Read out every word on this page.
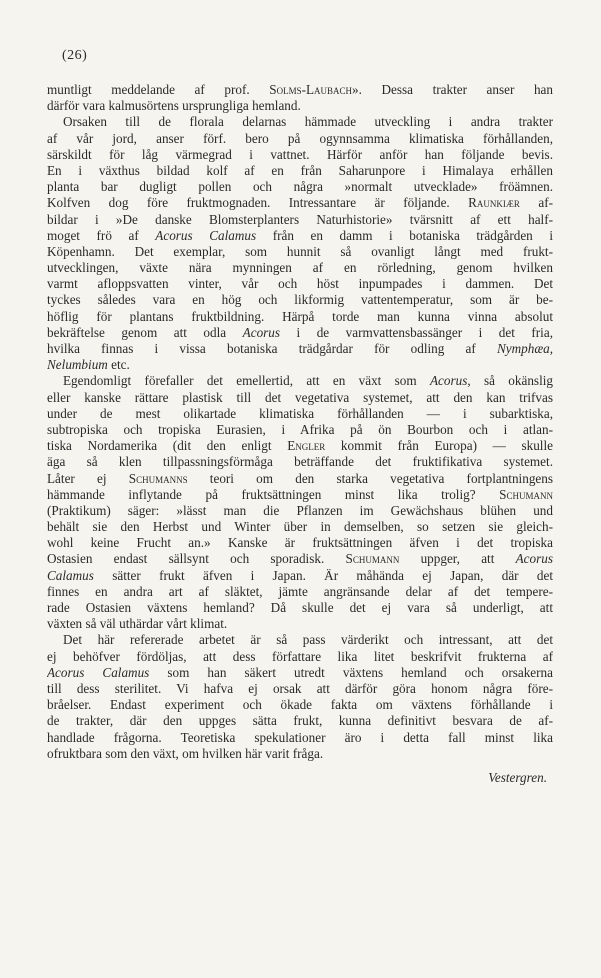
(26)
muntligt meddelande af prof. Solms-Laubach». Dessa trakter anser han
därför vara kalmusörtens ursprungliga hemland.
Orsaken till de florala delarnas hämmade utveckling i andra trakter
af vår jord, anser förf. bero på ogynnsamma klimatiska förhållanden,
särskildt för låg värmegrad i vattnet. Härför anför han följande bevis.
En i växthus bildad kolf af en från Saharunpore i Himalaya erhållen
planta bar dugligt pollen och några »normalt utvecklade» fröämnen.
Kolfven dog före fruktmognaden. Intressantare är följande. Raunkiær af-
bildar i »De danske Blomsterplanters Naturhistorie» tvärsnitt af ett half-
moget frö af Acorus Calamus från en damm i botaniska trädgården i
Köpenhamn. Det exemplar, som hunnit så ovanligt långt med frukt-
utvecklingen, växte nära mynningen af en rörledning, genom hvilken
varmt afloppsvatten vinter, vår och höst inpumpades i dammen. Det
tyckes således vara en hög och likformig vattentemperatur, som är be-
höflig för plantans fruktbildning. Härpå torde man kunna vinna absolut
bekräftelse genom att odla Acorus i de varmvattensbassänger i det fria,
hvilka finnas i vissa botaniska trädgårdar för odling af Nymphæa,
Nelumbium etc.
Egendomligt förefaller det emellertid, att en växt som Acorus, så okänslig
eller kanske rättare plastisk till det vegetativa systemet, att den kan trifvas
under de mest olikartade klimatiska förhållanden — i subarktiska,
subtropiska och tropiska Eurasien, i Afrika på ön Bourbon och i atlan-
tiska Nordamerika (dit den enligt Engler kommit från Europa) — skulle
äga så klen tillpassningsförmåga beträffande det fruktifikativa systemet.
Låter ej Schumanns teori om den starka vegetativa fortplantningens
hämmande inflytande på fruktsättningen minst lika trolig? Schumann
(Praktikum) säger: »lässt man die Pflanzen im Gewächshaus blühen und
behält sie den Herbst und Winter über in demselben, so setzen sie gleich-
wohl keine Frucht an.» Kanske är fruktsättningen äfven i det tropiska
Ostasien endast sällsynt och sporadisk. Schumann uppger, att Acorus
Calamus sätter frukt äfven i Japan. Är måhända ej Japan, där det
finnes en andra art af släktet, jämte angränsande delar af det tempere-
rade Ostasien växtens hemland? Då skulle det ej vara så underligt, att
växten så väl uthärdar vårt klimat.
Det här refererade arbetet är så pass värderikt och intressant, att det
ej behöfver fördöljas, att dess författare lika litet beskrifvit frukterna af
Acorus Calamus som han säkert utredt växtens hemland och orsakerna
till dess sterilitet. Vi hafva ej orsak att därför göra honom några före-
bråelser. Endast experiment och ökade fakta om växtens förhållande i
de trakter, där den uppges sätta frukt, kunna definitivt besvara de af-
handlade frågorna. Teoretiska spekulationer äro i detta fall minst lika
ofruktbara som den växt, om hvilken här varit fråga.
Vestergren.
